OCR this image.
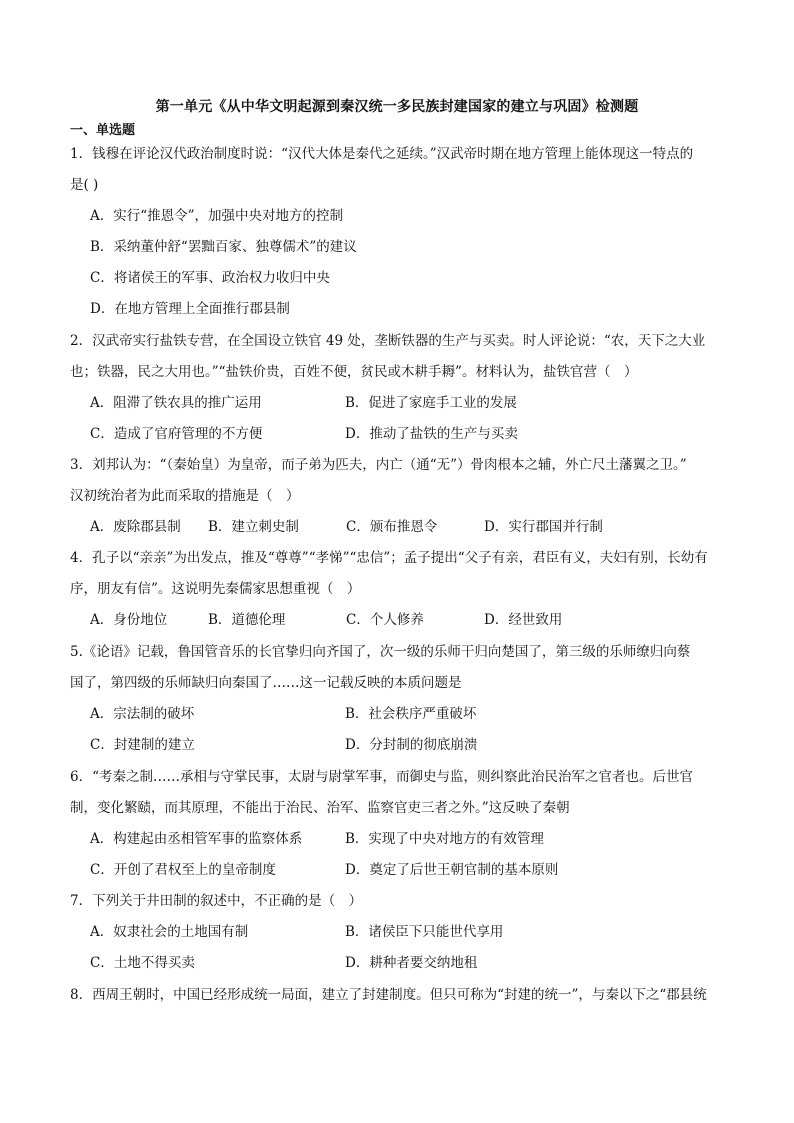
第一单元《从中华文明起源到秦汉统一多民族封建国家的建立与巩固》检测题
一、单选题
1．钱穆在评论汉代政治制度时说：“汉代大体是秦代之延续。”汉武帝时期在地方管理上能体现这一特点的
是( )
A．实行“推恩令”，加强中央对地方的控制
B．采纳董仲舒“罢黜百家、独尊儒术”的建议
C．将诸侯王的军事、政治权力收归中央
D．在地方管理上全面推行郡县制
2．汉武帝实行盐铁专营，在全国设立铁官 49 处，垄断铁器的生产与买卖。时人评论说：“农，天下之大业
也；铁器，民之大用也。”“盐铁价贵，百姓不便，贫民或木耕手耨”。材料认为，盐铁官营（　）
A．阻滞了铁农具的推广运用	B．促进了家庭手工业的发展
C．造成了官府管理的不方便	D．推动了盐铁的生产与买卖
3．刘邦认为：“（秦始皇）为皇帝，而子弟为匹夫，内亡（通“无”）骨肉根本之辅，外亡尺土藩翼之卫。”
汉初统治者为此而采取的措施是（　）
A．废除郡县制 B．建立刺史制	C．颁布推恩令	D．实行郡国并行制
4．孔子以“亲亲”为出发点，推及“尊尊”“孝悌”“忠信”；孟子提出“父子有亲，君臣有义，夫妇有别，长幼有
序，朋友有信”。这说明先秦儒家思想重视（　）
A．身份地位	B．道德伦理	C．个人修养	D．经世致用
5.《论语》记载，鲁国管音乐的长官挚归向齐国了，次一级的乐师干归向楚国了，第三级的乐师缭归向蔡
国了，第四级的乐师缺归向秦国了……这一记载反映的本质问题是
A．宗法制的破坏	B．社会秩序严重破坏
C．封建制的建立	D．分封制的彻底崩溃
6．“考秦之制……承相与守掌民事，太尉与尉掌军事，而御史与监，则纠察此治民治军之官者也。后世官
制，变化繁赜，而其原理，不能出于治民、治军、监察官吏三者之外。”这反映了秦朝
A．构建起由丞相管军事的监察体系	B．实现了中央对地方的有效管理
C．开创了君权至上的皇帝制度	D．奠定了后世王朝官制的基本原则
7．下列关于井田制的叙述中，不正确的是（　）
A．奴隶社会的土地国有制	B．诸侯臣下只能世代享用
C．土地不得买卖	D．耕种者要交纳地租
8．西周王朝时，中国已经形成统一局面，建立了封建制度。但只可称为“封建的统一”，与秦以下之“郡县统
